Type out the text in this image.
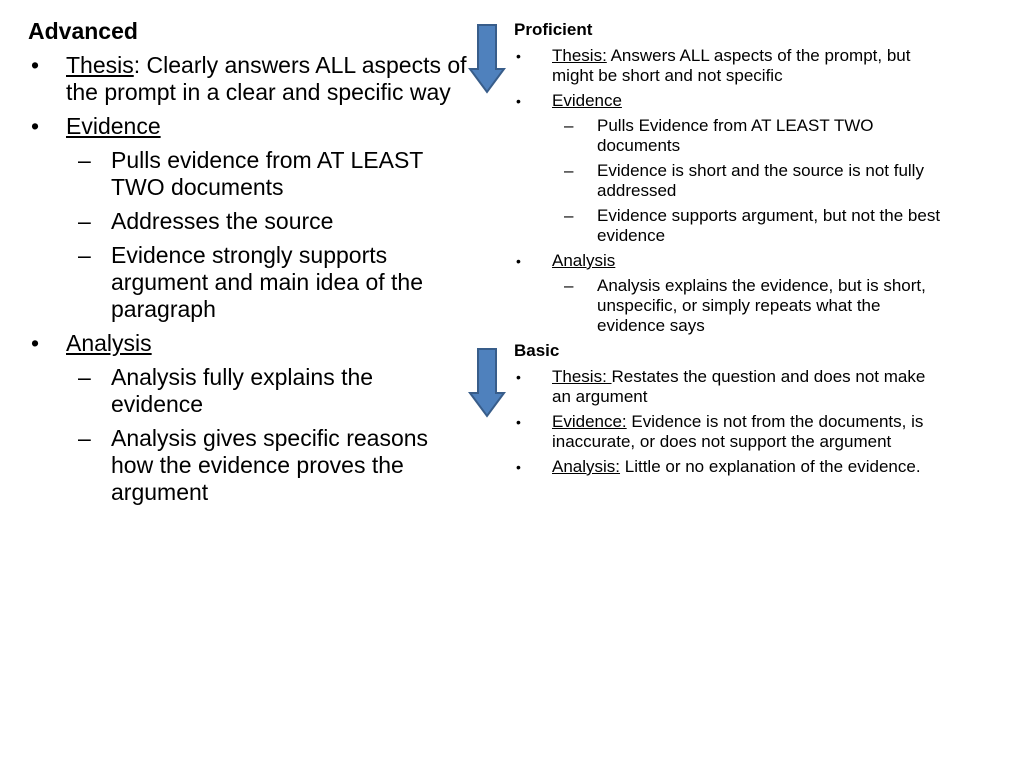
Advanced

• Thesis: Clearly answers ALL aspects of the prompt in a clear and specific way
• Evidence
– Pulls evidence from AT LEAST TWO documents
– Addresses the source
– Evidence strongly supports argument and main idea of the paragraph
• Analysis
– Analysis fully explains the evidence
– Analysis gives specific reasons how the evidence proves the argument

Proficient

• Thesis: Answers ALL aspects of the prompt, but might be short and not specific
• Evidence
– Pulls Evidence from AT LEAST TWO documents
– Evidence is short and the source is not fully addressed
– Evidence supports argument, but not the best evidence
• Analysis
– Analysis explains the evidence, but is short, unspecific, or simply repeats what the evidence says

Basic

• Thesis: Restates the question and does not make an argument
• Evidence: Evidence is not from the documents, is inaccurate, or does not support the argument
• Analysis: Little or no explanation of the evidence.
